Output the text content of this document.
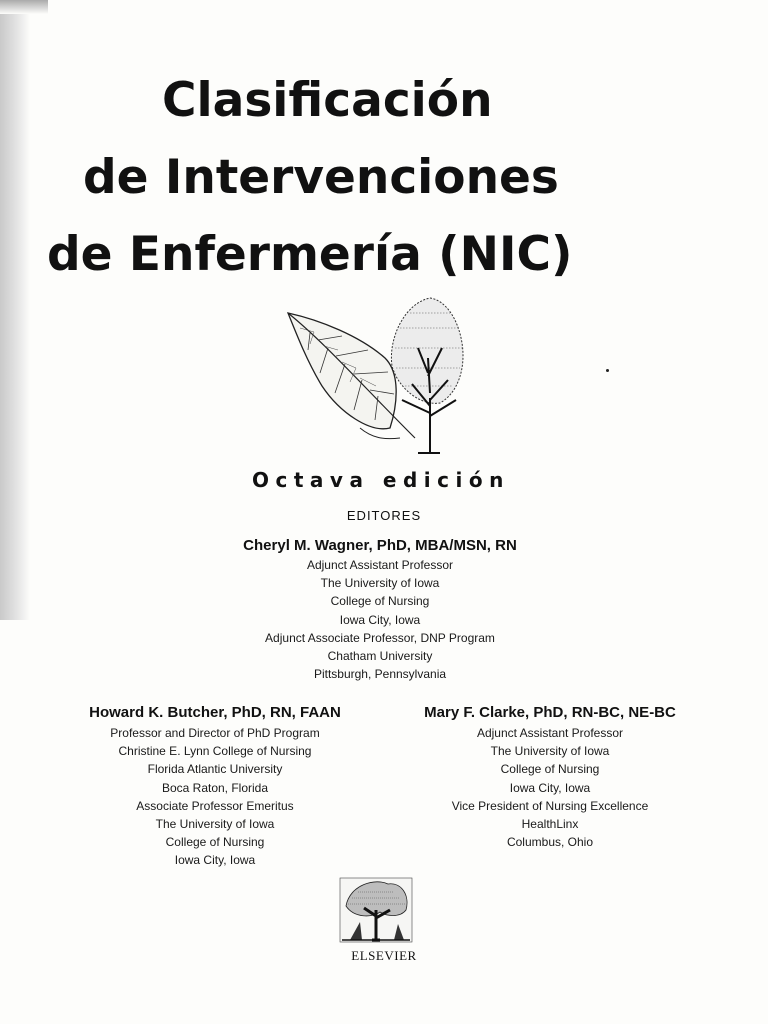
Clasificación
de Intervenciones
de Enfermería (NIC)
Octava edición
EDITORES
Cheryl M. Wagner, PhD, MBA/MSN, RN
Adjunct Assistant Professor
The University of Iowa
College of Nursing
Iowa City, Iowa
Adjunct Associate Professor, DNP Program
Chatham University
Pittsburgh, Pennsylvania
Howard K. Butcher, PhD, RN, FAAN
Professor and Director of PhD Program
Christine E. Lynn College of Nursing
Florida Atlantic University
Boca Raton, Florida
Associate Professor Emeritus
The University of Iowa
College of Nursing
Iowa City, Iowa
Mary F. Clarke, PhD, RN-BC, NE-BC
Adjunct Assistant Professor
The University of Iowa
College of Nursing
Iowa City, Iowa
Vice President of Nursing Excellence
HealthLinx
Columbus, Ohio
ELSEVIER
